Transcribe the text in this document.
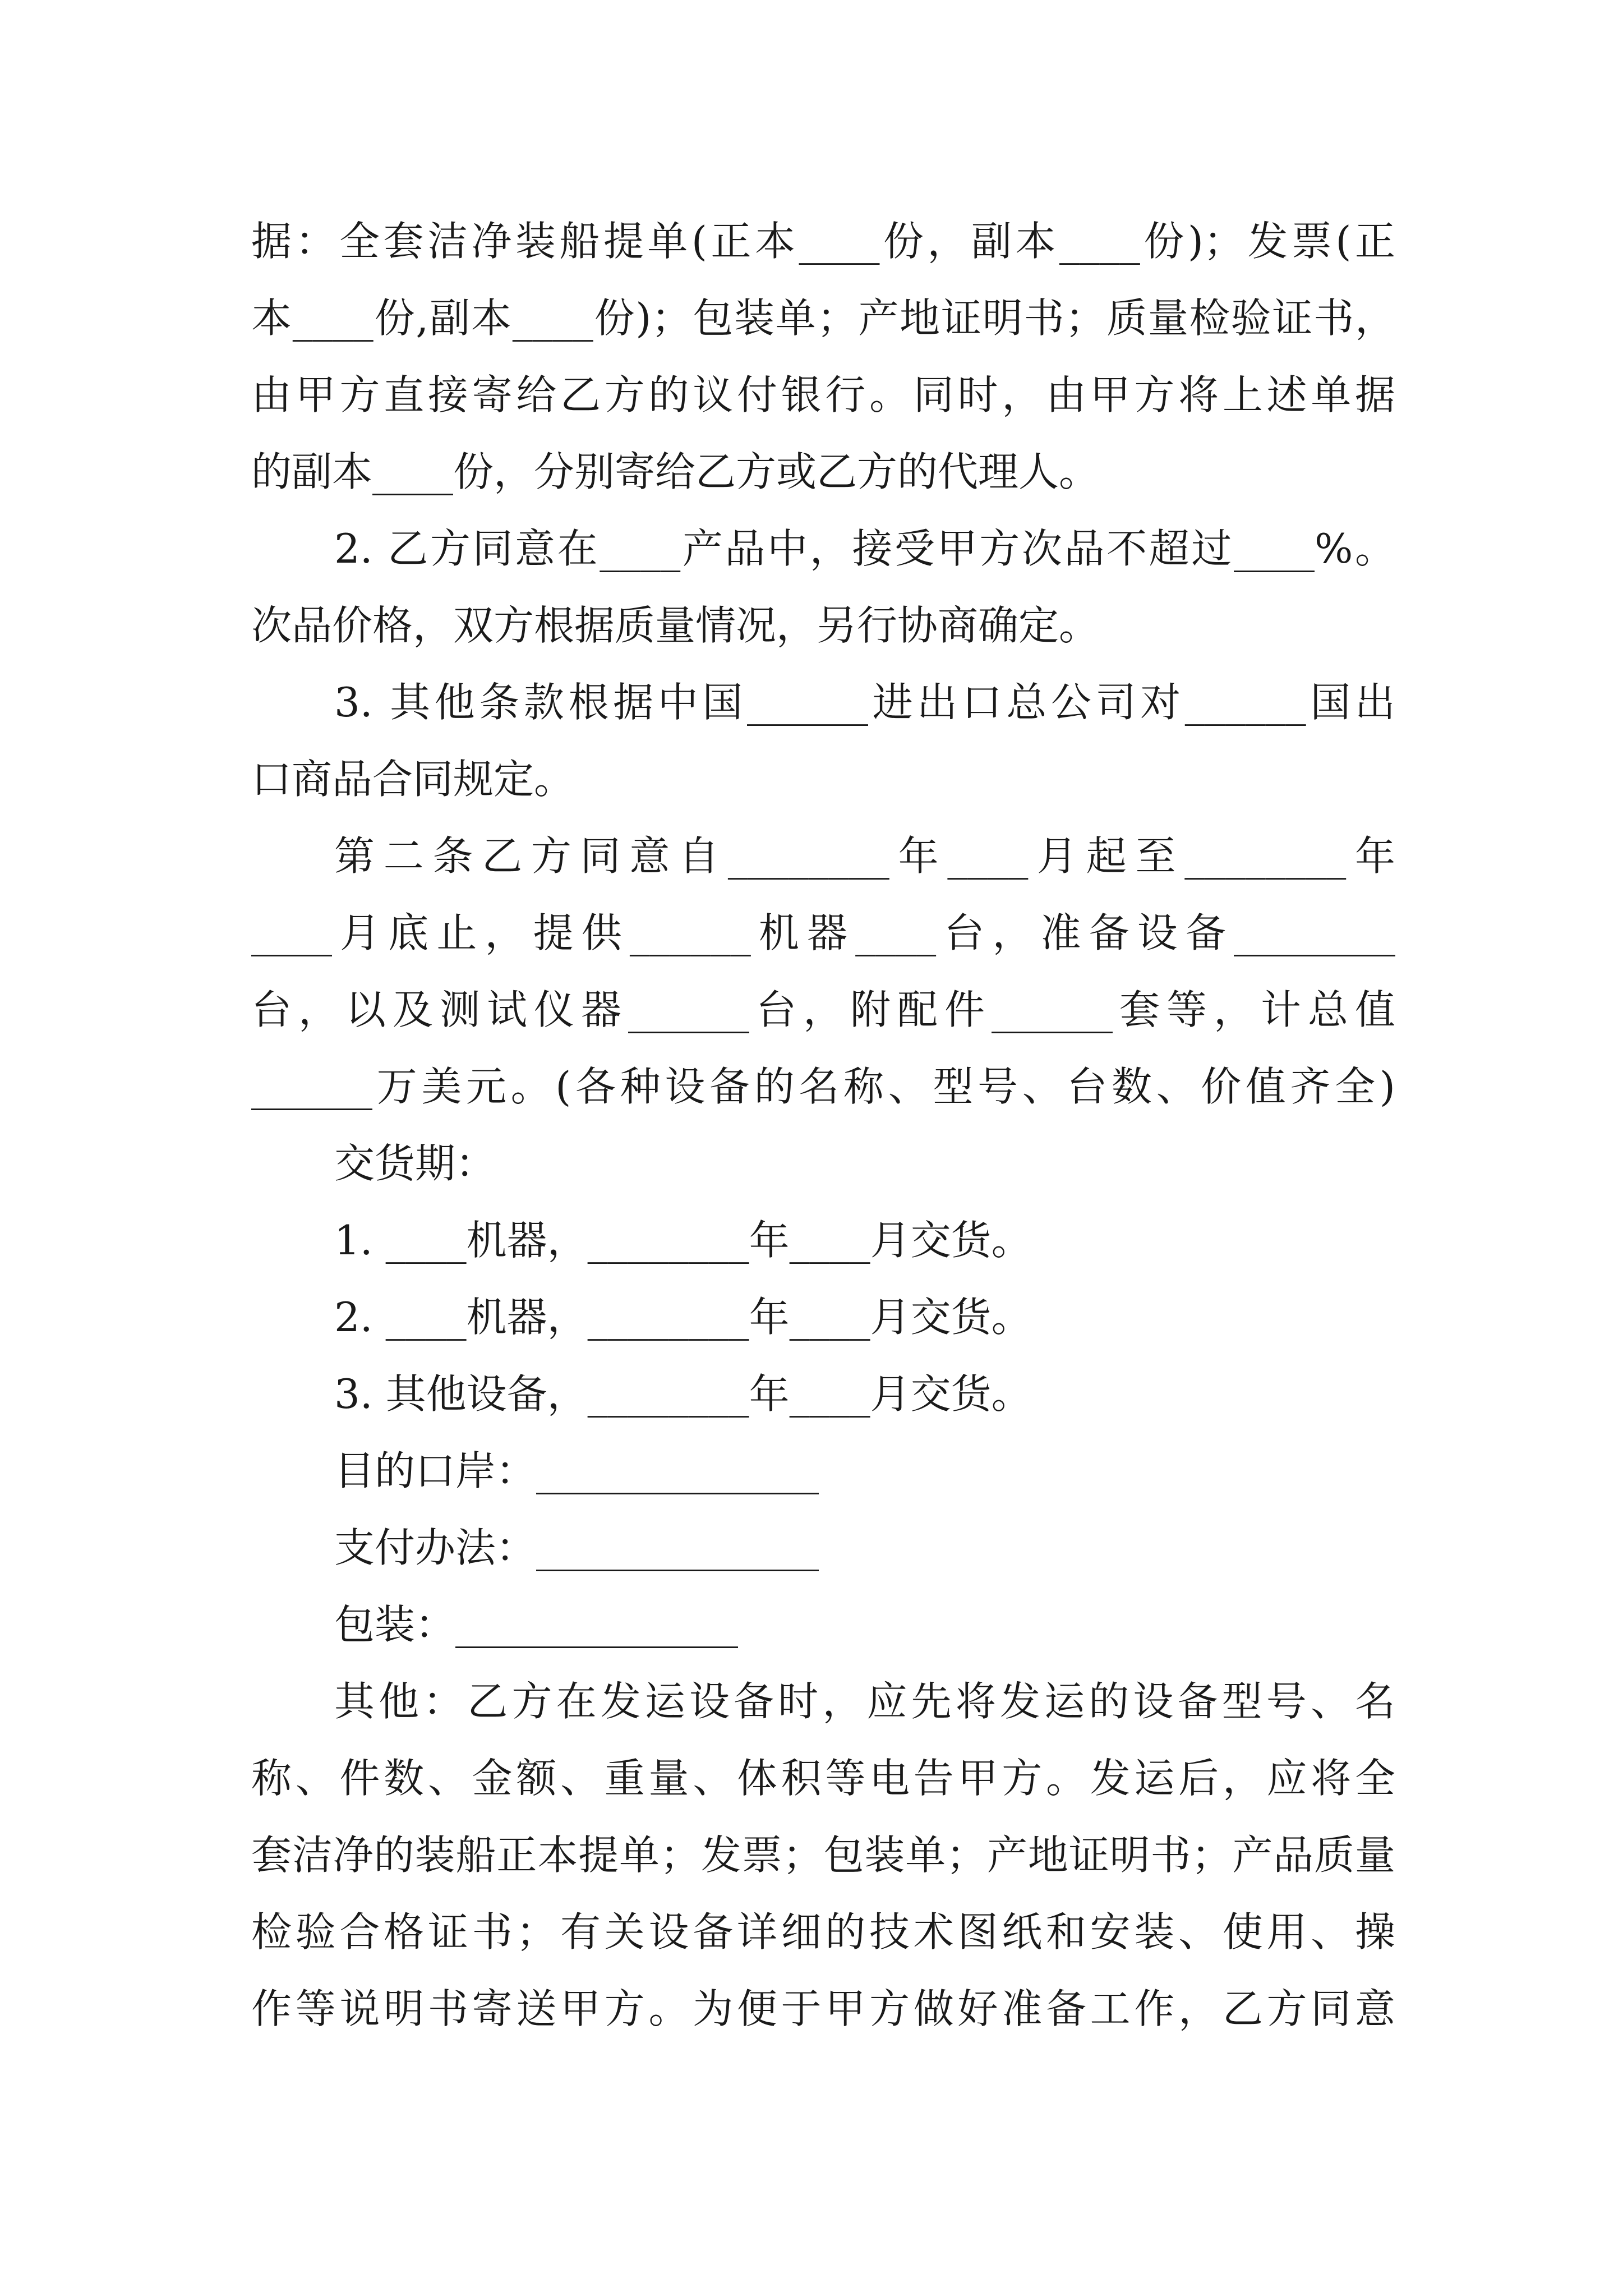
据：全套洁净装船提单(正本____份，副本____份)；发票(正
本____份,副本____份)；包装单；产地证明书；质量检验证书，
由甲方直接寄给乙方的议付银行。同时，由甲方将上述单据
的副本____份，分别寄给乙方或乙方的代理人。
2. 乙方同意在____产品中，接受甲方次品不超过____%。
次品价格，双方根据质量情况，另行协商确定。
3. 其他条款根据中国______进出口总公司对______国出
口商品合同规定。
第二条乙方同意自________年____月起至________年
____月底止，提供______机器____台，准备设备________
台，以及测试仪器______台，附配件______套等，计总值
______万美元。(各种设备的名称、型号、台数、价值齐全)
交货期：
1. ____机器，________年____月交货。
2. ____机器，________年____月交货。
3. 其他设备，________年____月交货。
目的口岸：______________
支付办法：______________
包装：______________
其他：乙方在发运设备时，应先将发运的设备型号、名
称、件数、金额、重量、体积等电告甲方。发运后，应将全
套洁净的装船正本提单；发票；包装单；产地证明书；产品质量
检验合格证书；有关设备详细的技术图纸和安装、使用、操
作等说明书寄送甲方。为便于甲方做好准备工作，乙方同意
